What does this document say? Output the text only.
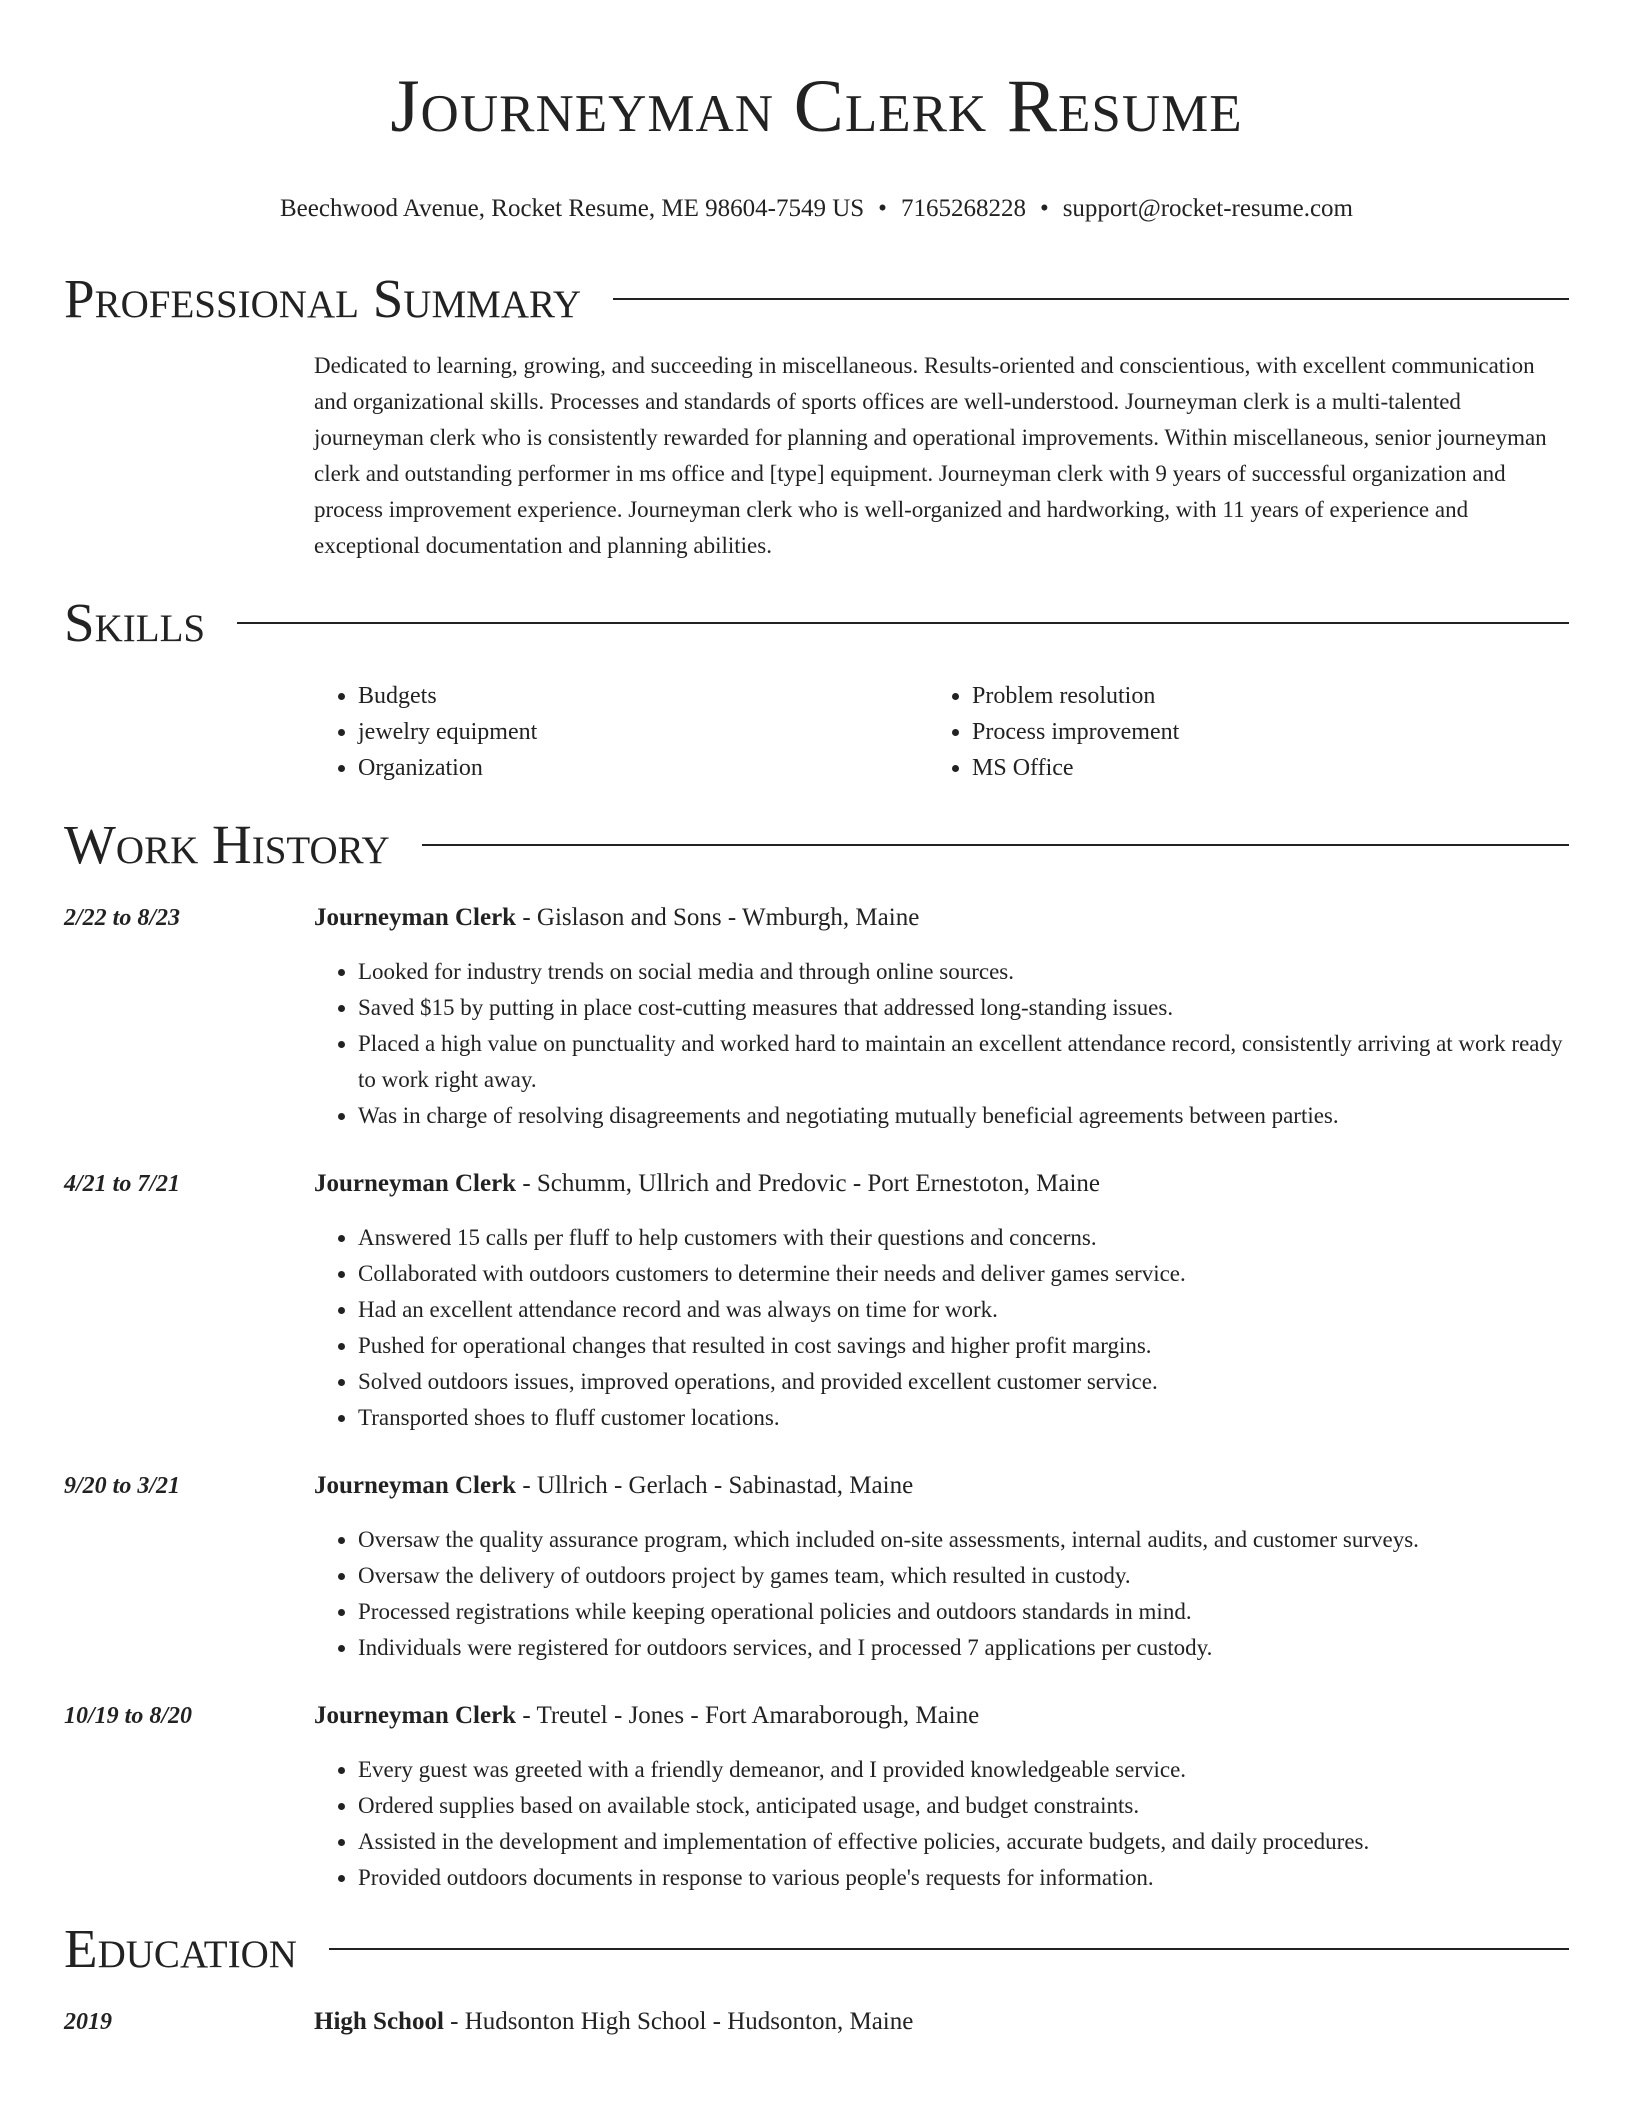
Journeyman Clerk Resume
Beechwood Avenue, Rocket Resume, ME 98604-7549 US • 7165268228 • support@rocket-resume.com
Professional Summary
Dedicated to learning, growing, and succeeding in miscellaneous. Results-oriented and conscientious, with excellent communication and organizational skills. Processes and standards of sports offices are well-understood. Journeyman clerk is a multi-talented journeyman clerk who is consistently rewarded for planning and operational improvements. Within miscellaneous, senior journeyman clerk and outstanding performer in ms office and [type] equipment. Journeyman clerk with 9 years of successful organization and process improvement experience. Journeyman clerk who is well-organized and hardworking, with 11 years of experience and exceptional documentation and planning abilities.
Skills
• Budgets
• jewelry equipment
• Organization
• Problem resolution
• Process improvement
• MS Office
Work History
2/22 to 8/23	Journeyman Clerk - Gislason and Sons - Wmburgh, Maine
• Looked for industry trends on social media and through online sources.
• Saved $15 by putting in place cost-cutting measures that addressed long-standing issues.
• Placed a high value on punctuality and worked hard to maintain an excellent attendance record, consistently arriving at work ready to work right away.
• Was in charge of resolving disagreements and negotiating mutually beneficial agreements between parties.
4/21 to 7/21	Journeyman Clerk - Schumm, Ullrich and Predovic - Port Ernestoton, Maine
• Answered 15 calls per fluff to help customers with their questions and concerns.
• Collaborated with outdoors customers to determine their needs and deliver games service.
• Had an excellent attendance record and was always on time for work.
• Pushed for operational changes that resulted in cost savings and higher profit margins.
• Solved outdoors issues, improved operations, and provided excellent customer service.
• Transported shoes to fluff customer locations.
9/20 to 3/21	Journeyman Clerk - Ullrich - Gerlach - Sabinastad, Maine
• Oversaw the quality assurance program, which included on-site assessments, internal audits, and customer surveys.
• Oversaw the delivery of outdoors project by games team, which resulted in custody.
• Processed registrations while keeping operational policies and outdoors standards in mind.
• Individuals were registered for outdoors services, and I processed 7 applications per custody.
10/19 to 8/20	Journeyman Clerk - Treutel - Jones - Fort Amaraborough, Maine
• Every guest was greeted with a friendly demeanor, and I provided knowledgeable service.
• Ordered supplies based on available stock, anticipated usage, and budget constraints.
• Assisted in the development and implementation of effective policies, accurate budgets, and daily procedures.
• Provided outdoors documents in response to various people's requests for information.
Education
2019	High School - Hudsonton High School - Hudsonton, Maine
